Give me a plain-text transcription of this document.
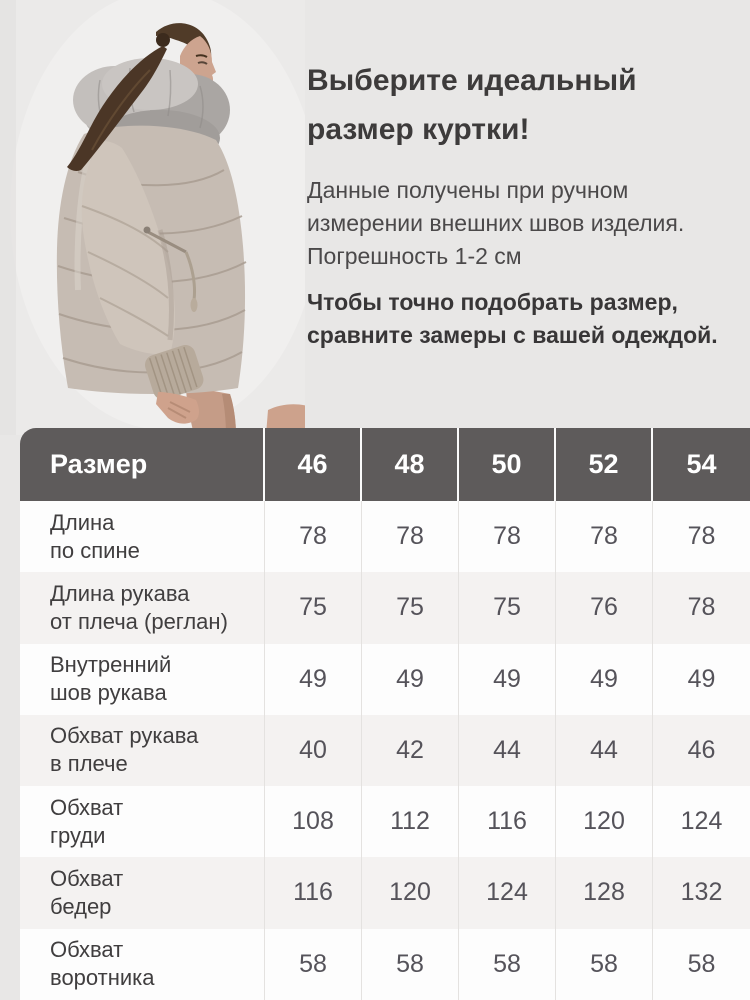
Выберите идеальный
размер куртки!

Данные получены при ручном
измерении внешних швов изделия.
Погрешность 1-2 см

Чтобы точно подобрать размер,
сравните замеры с вашей одеждой.

Размер	46	48	50	52	54
Длина
по спине	78	78	78	78	78
Длина рукава
от плеча (реглан)	75	75	75	76	78
Внутренний
шов рукава	49	49	49	49	49
Обхват рукава
в плече	40	42	44	44	46
Обхват
груди	108	112	116	120	124
Обхват
бедер	116	120	124	128	132
Обхват
воротника	58	58	58	58	58
